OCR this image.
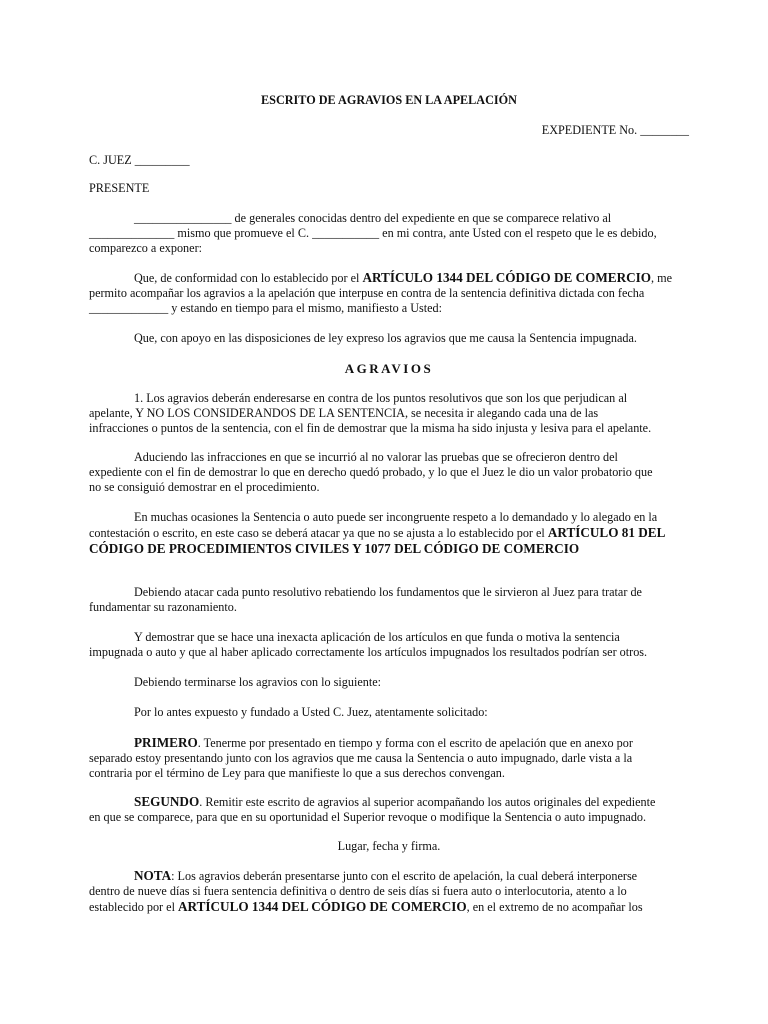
ESCRITO DE AGRAVIOS EN LA APELACIÓN

EXPEDIENTE No. ________

C. JUEZ _________

PRESENTE

________________ de generales conocidas dentro del expediente en que se comparece relativo al

______________ mismo que promueve el C. ___________ en mi contra, ante Usted con el respeto que le es debido,

comparezco a exponer:

Que, de conformidad con lo establecido por el ARTÍCULO 1344 DEL CÓDIGO DE COMERCIO, me

permito acompañar los agravios a la apelación que interpuse en contra de la sentencia definitiva dictada con fecha

_____________ y estando en tiempo para el mismo, manifiesto a Usted:

Que, con apoyo en las disposiciones de ley expreso los agravios que me causa la Sentencia impugnada.

AGRAVIOS

1. Los agravios deberán enderesarse en contra de los puntos resolutivos que son los que perjudican al

apelante, Y NO LOS CONSIDERANDOS DE LA SENTENCIA, se necesita ir alegando cada una de las

infracciones o puntos de la sentencia, con el fin de demostrar que la misma ha sido injusta y lesiva para el apelante.

Aduciendo las infracciones en que se incurrió al no valorar las pruebas que se ofrecieron dentro del

expediente con el fin de demostrar lo que en derecho quedó probado, y lo que el Juez le dio un valor probatorio que

no se consiguió demostrar en el procedimiento.

En muchas ocasiones la Sentencia o auto puede ser incongruente respeto a lo demandado y lo alegado en la

contestación o escrito, en este caso se deberá atacar ya que no se ajusta a lo establecido por el ARTÍCULO 81 DEL

CÓDIGO DE PROCEDIMIENTOS CIVILES Y 1077 DEL CÓDIGO DE COMERCIO

Debiendo atacar cada punto resolutivo rebatiendo los fundamentos que le sirvieron al Juez para tratar de

fundamentar su razonamiento.

Y demostrar que se hace una inexacta aplicación de los artículos en que funda o motiva la sentencia

impugnada o auto y que al haber aplicado correctamente los artículos impugnados los resultados podrían ser otros.

Debiendo terminarse los agravios con lo siguiente:

Por lo antes expuesto y fundado a Usted C. Juez, atentamente solicitado:

PRIMERO. Tenerme por presentado en tiempo y forma con el escrito de apelación que en anexo por

separado estoy presentando junto con los agravios que me causa la Sentencia o auto impugnado, darle vista a la

contraria por el término de Ley para que manifieste lo que a sus derechos convengan.

SEGUNDO. Remitir este escrito de agravios al superior acompañando los autos originales del expediente

en que se comparece, para que en su oportunidad el Superior revoque o modifique la Sentencia o auto impugnado.

Lugar, fecha y firma.

NOTA: Los agravios deberán presentarse junto con el escrito de apelación, la cual deberá interponerse

dentro de nueve días si fuera sentencia definitiva o dentro de seis días si fuera auto o interlocutoria, atento a lo

establecido por el ARTÍCULO 1344 DEL CÓDIGO DE COMERCIO, en el extremo de no acompañar los
